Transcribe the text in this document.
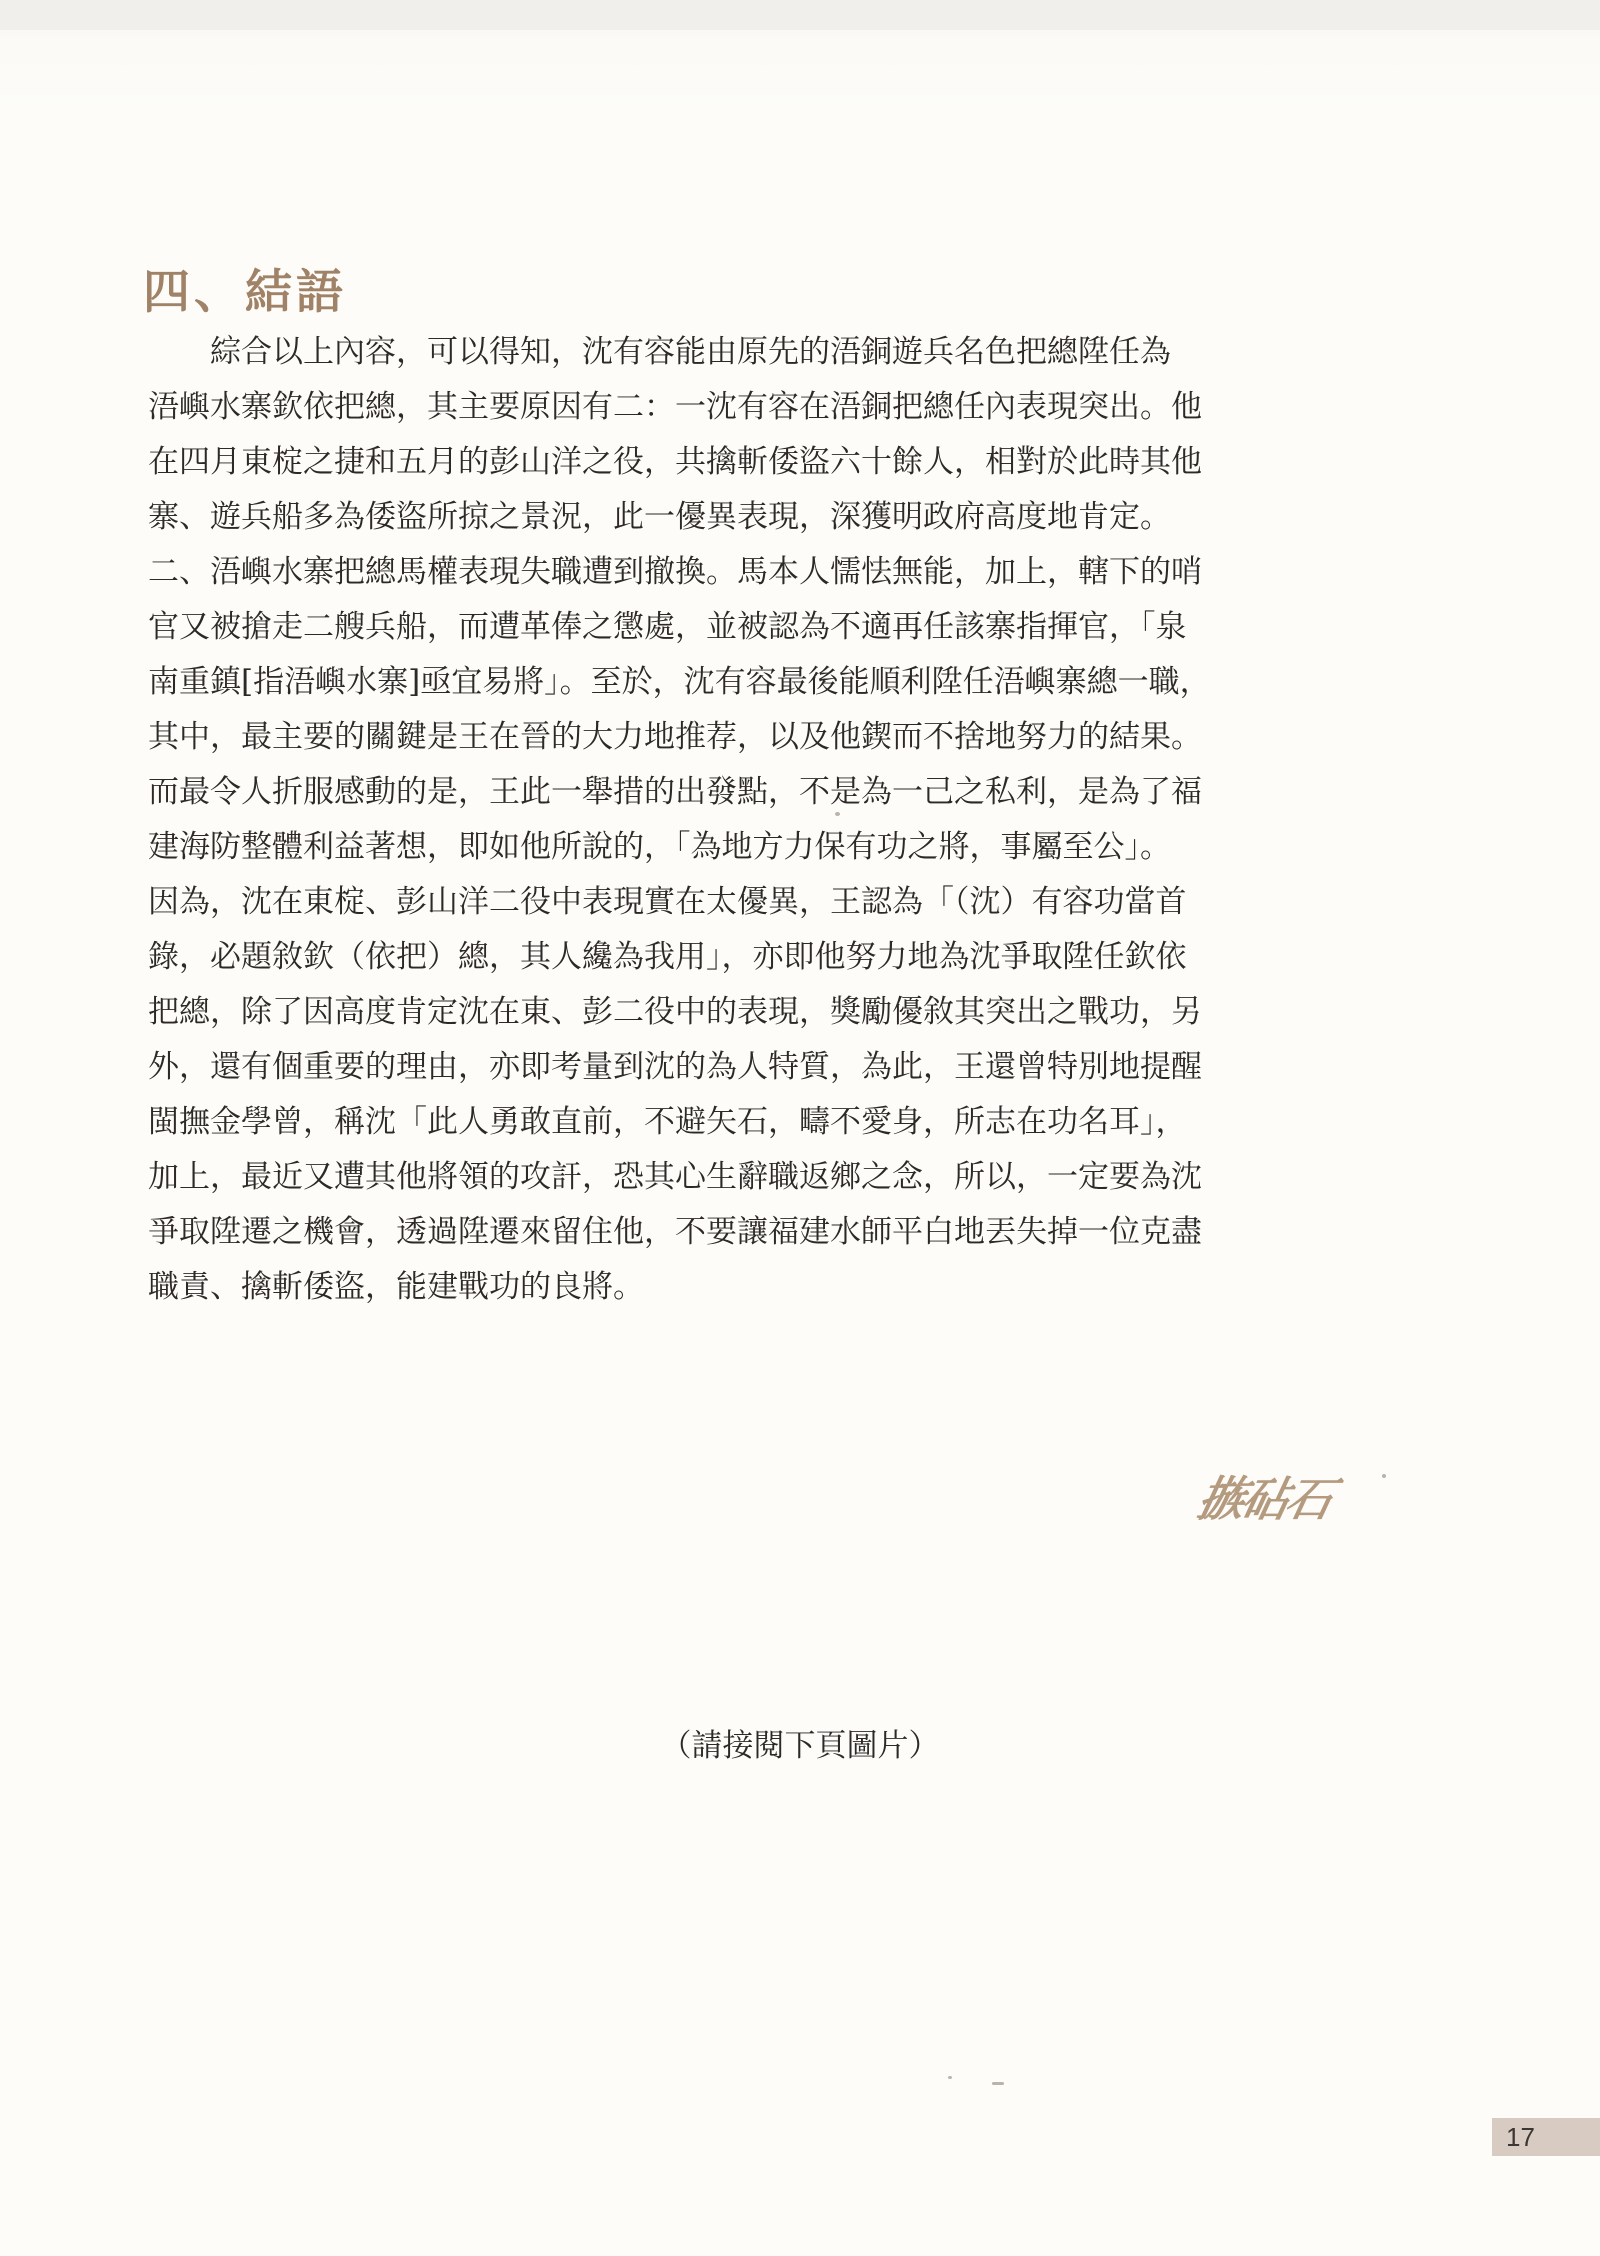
四、結語

　　綜合以上內容，可以得知，沈有容能由原先的浯銅遊兵名色把總陞任為
浯嶼水寨欽依把總，其主要原因有二：一沈有容在浯銅把總任內表現突出。他
在四月東椗之捷和五月的彭山洋之役，共擒斬倭盜六十餘人，相對於此時其他
寨、遊兵船多為倭盜所掠之景況，此一優異表現，深獲明政府高度地肯定。
二、浯嶼水寨把總馬權表現失職遭到撤換。馬本人懦怯無能，加上，轄下的哨
官又被搶走二艘兵船，而遭革俸之懲處，並被認為不適再任該寨指揮官，「泉
南重鎮[指浯嶼水寨]亟宜易將」。至於，沈有容最後能順利陞任浯嶼寨總一職，
其中，最主要的關鍵是王在晉的大力地推荐，以及他鍥而不捨地努力的結果。
而最令人折服感動的是，王此一舉措的出發點，不是為一己之私利，是為了福
建海防整體利益著想，即如他所說的，「為地方力保有功之將，事屬至公」。
因為，沈在東椗、彭山洋二役中表現實在太優異，王認為「（沈）有容功當首
錄，必題敘欽（依把）總，其人纔為我用」，亦即他努力地為沈爭取陞任欽依
把總，除了因高度肯定沈在東、彭二役中的表現，獎勵優敘其突出之戰功，另
外，還有個重要的理由，亦即考量到沈的為人特質，為此，王還曾特別地提醒
閩撫金學曾，稱沈「此人勇敢直前，不避矢石，疇不愛身，所志在功名耳」，
加上，最近又遭其他將領的攻訐，恐其心生辭職返鄉之念，所以，一定要為沈
爭取陞遷之機會，透過陞遷來留住他，不要讓福建水師平白地丟失掉一位克盡
職責、擒斬倭盜，能建戰功的良將。

𢳇砧石
（請接閱下頁圖片）
17
